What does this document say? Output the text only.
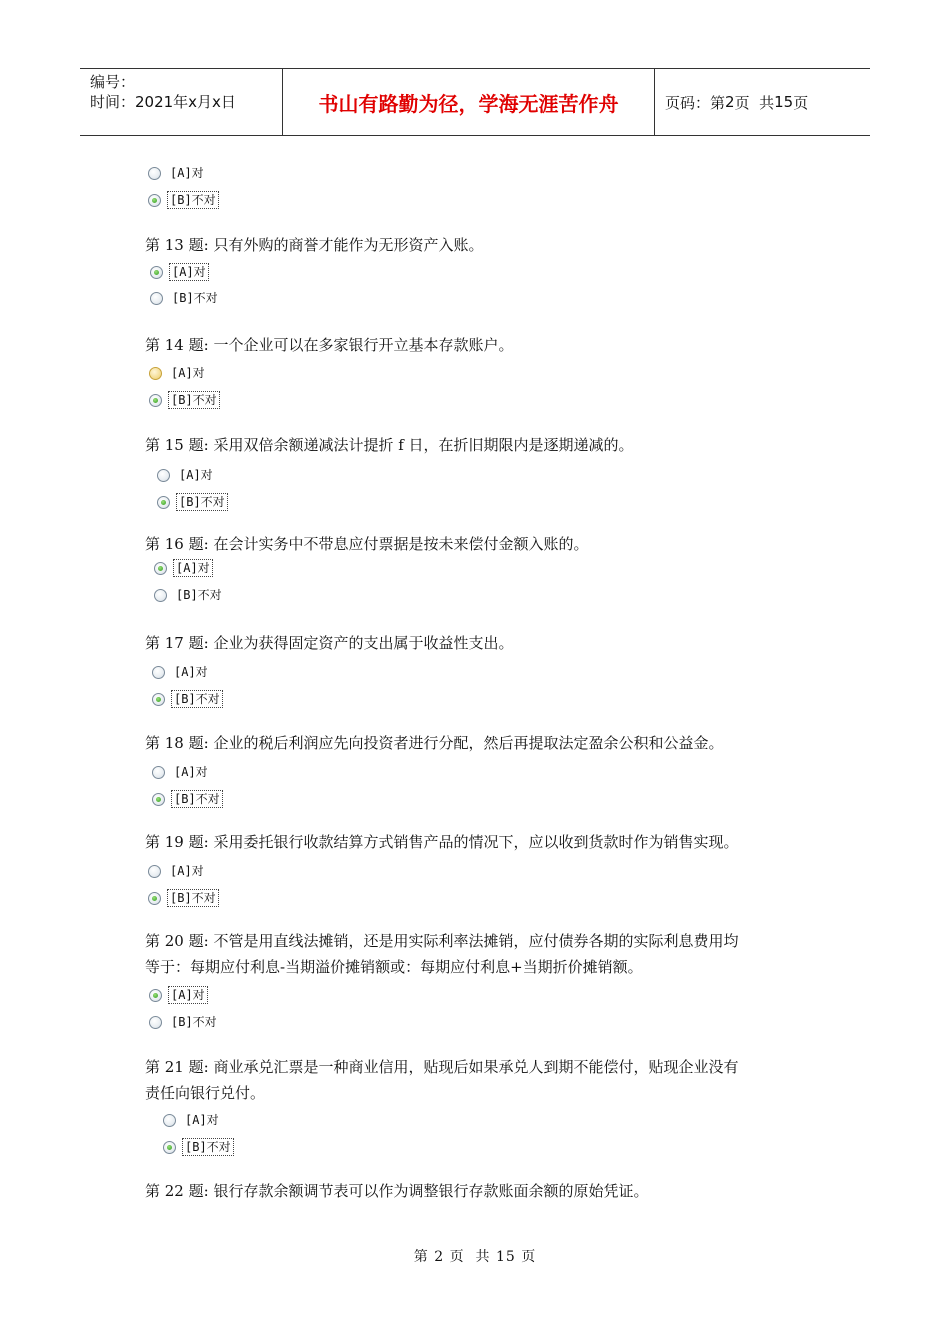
编号：
时间：2021年x月x日	书山有路勤为径，学海无涯苦作舟	页码：第 2 页  共 15 页
[A]对
[B]不对
第 13 题: 只有外购的商誉才能作为无形资产入账。
[A]对
[B]不对
第 14 题: 一个企业可以在多家银行开立基本存款账户。
[A]对
[B]不对
第 15 题: 采用双倍余额递减法计提折 f 日，在折旧期限内是逐期递减的。
[A]对
[B]不对
第 16 题: 在会计实务中不带息应付票据是按未来偿付金额入账的。
[A]对
[B]不对
第 17 题: 企业为获得固定资产的支出属于收益性支出。
[A]对
[B]不对
第 18 题: 企业的税后利润应先向投资者进行分配，然后再提取法定盈余公积和公益金。
[A]对
[B]不对
第 19 题: 采用委托银行收款结算方式销售产品的情况下，应以收到货款时作为销售实现。
[A]对
[B]不对
第 20 题: 不管是用直线法摊销，还是用实际利率法摊销，应付债券各期的实际利息费用均
等于：每期应付利息-当期溢价摊销额或：每期应付利息+当期折价摊销额。
[A]对
[B]不对
第 21 题: 商业承兑汇票是一种商业信用，贴现后如果承兑人到期不能偿付，贴现企业没有
责任向银行兑付。
[A]对
[B]不对
第 22 题: 银行存款余额调节表可以作为调整银行存款账面余额的原始凭证。
第 2 页  共 15 页
